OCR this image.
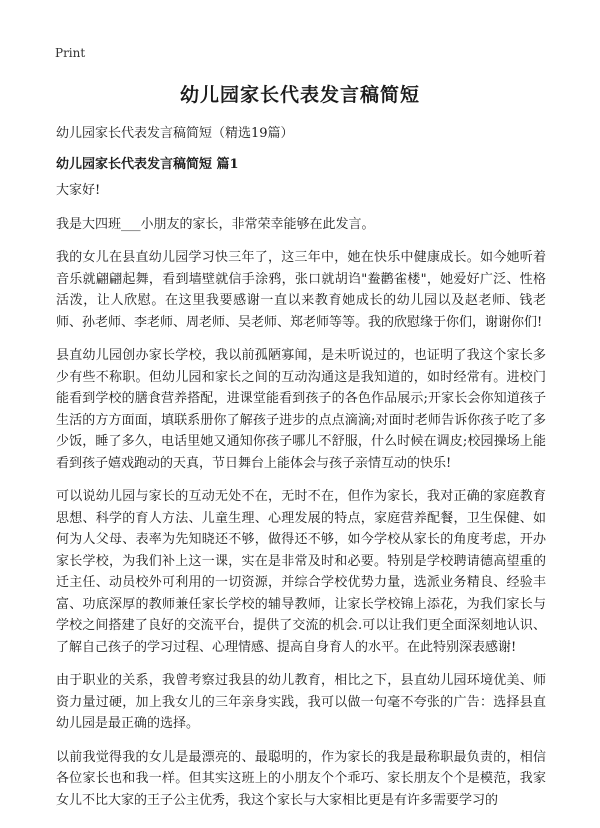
Print
幼儿园家长代表发言稿简短
幼儿园家长代表发言稿简短（精选19篇）
幼儿园家长代表发言稿简短 篇1

大家好!

我是大四班___小朋友的家长，非常荣幸能够在此发言。

我的女儿在县直幼儿园学习快三年了，这三年中，她在快乐中健康成长。如今她听着音乐就翩翩起舞，看到墙壁就信手涂鸦，张口就胡诌"鲞鹳雀楼"，她爱好广泛、性格活泼，让人欣慰。在这里我要感谢一直以来教育她成长的幼儿园以及赵老师、钱老师、孙老师、李老师、周老师、吴老师、郑老师等等。我的欣慰缘于你们，谢谢你们!

县直幼儿园创办家长学校，我以前孤陋寡闻，是未听说过的，也证明了我这个家长多少有些不称职。但幼儿园和家长之间的互动沟通这是我知道的，如时经常有。进校门能看到学校的膳食营养搭配，进课堂能看到孩子的各色作品展示;开家长会你知道孩子生活的方方面面，填联系册你了解孩子进步的点点滴滴;对面时老师告诉你孩子吃了多少饭，睡了多久，电话里她又通知你孩子哪儿不舒服，什么时候在调皮;校园操场上能看到孩子嬉戏跑动的天真，节日舞台上能体会与孩子亲情互动的快乐!

可以说幼儿园与家长的互动无处不在，无时不在，但作为家长，我对正确的家庭教育思想、科学的育人方法、儿童生理、心理发展的特点，家庭营养配餐，卫生保健、如何为人父母、表率为先知晓还不够，做得还不够，如今学校从家长的角度考虑，开办家长学校，为我们补上这一课，实在是非常及时和必要。特别是学校聘请德高望重的迁主任、动员校外可利用的一切资源，并综合学校优势力量，选派业务精良、经验丰富、功底深厚的教师兼任家长学校的辅导教师，让家长学校锦上添花，为我们家长与学校之间搭建了良好的交流平台，提供了交流的机会.可以让我们更全面深刻地认识、了解自己孩子的学习过程、心理情感、提高自身育人的水平。在此特别深表感谢!

由于职业的关系，我曾考察过我县的幼儿教育，相比之下，县直幼儿园环境优美、师资力量过硬，加上我女儿的三年亲身实践，我可以做一句毫不夸张的广告：选择县直幼儿园是最正确的选择。

以前我觉得我的女儿是最漂亮的、最聪明的，作为家长的我是最称职最负责的，相信各位家长也和我一样。但其实这班上的小朋友个个乖巧、家长朋友个个是模范，我家女儿不比大家的王子公主优秀，我这个家长与大家相比更是有许多需要学习的
